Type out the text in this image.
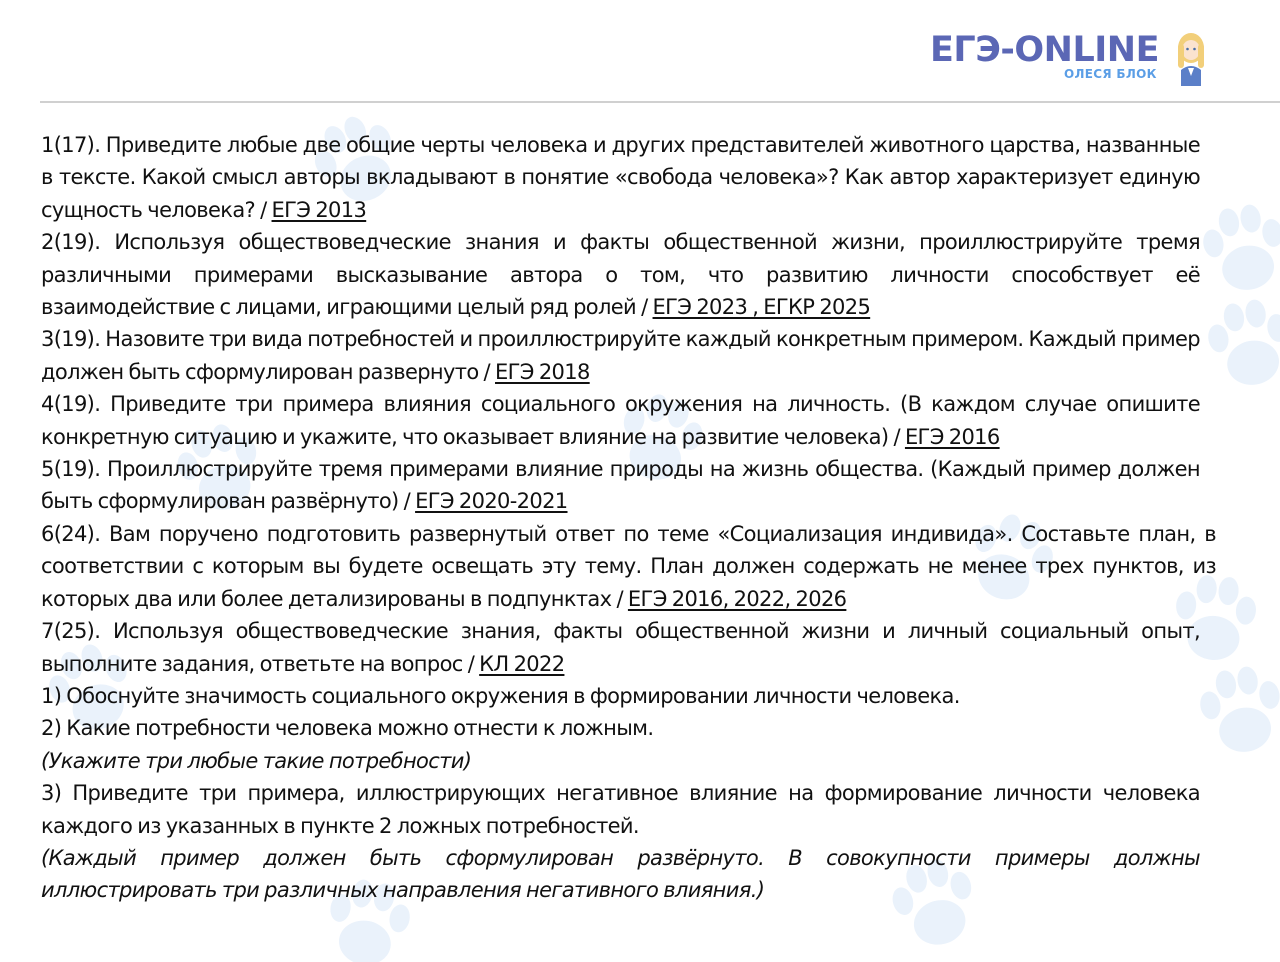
ЕГЭ-ONLINE
ОЛЕСЯ БЛОК

1(17). Приведите любые две общие черты человека и других представителей животного царства, названные в тексте. Какой смысл авторы вкладывают в понятие «свобода человека»? Как автор характеризует единую сущность человека? / ЕГЭ 2013

2(19). Используя обществоведческие знания и факты общественной жизни, проиллюстрируйте тремя различными примерами высказывание автора о том, что развитию личности способствует её взаимодействие с лицами, играющими целый ряд ролей / ЕГЭ 2023 , ЕГКР 2025

3(19). Назовите три вида потребностей и проиллюстрируйте каждый конкретным примером. Каждый пример должен быть сформулирован развернуто / ЕГЭ 2018

4(19). Приведите три примера влияния социального окружения на личность. (В каждом случае опишите конкретную ситуацию и укажите, что оказывает влияние на развитие человека) / ЕГЭ 2016

5(19). Проиллюстрируйте тремя примерами влияние природы на жизнь общества. (Каждый пример должен быть сформулирован развёрнуто) / ЕГЭ 2020-2021

6(24). Вам поручено подготовить развернутый ответ по теме «Социализация индивида». Составьте план, в соответствии с которым вы будете освещать эту тему. План должен содержать не менее трех пунктов, из которых два или более детализированы в подпунктах / ЕГЭ 2016, 2022, 2026

7(25). Используя обществоведческие знания, факты общественной жизни и личный социальный опыт, выполните задания, ответьте на вопрос / КЛ 2022

1) Обоснуйте значимость социального окружения в формировании личности человека.

2) Какие потребности человека можно отнести к ложным.

(Укажите три любые такие потребности)

3) Приведите три примера, иллюстрирующих негативное влияние на формирование личности человека каждого из указанных в пункте 2 ложных потребностей.

(Каждый пример должен быть сформулирован развёрнуто. В совокупности примеры должны иллюстрировать три различных направления негативного влияния.)
